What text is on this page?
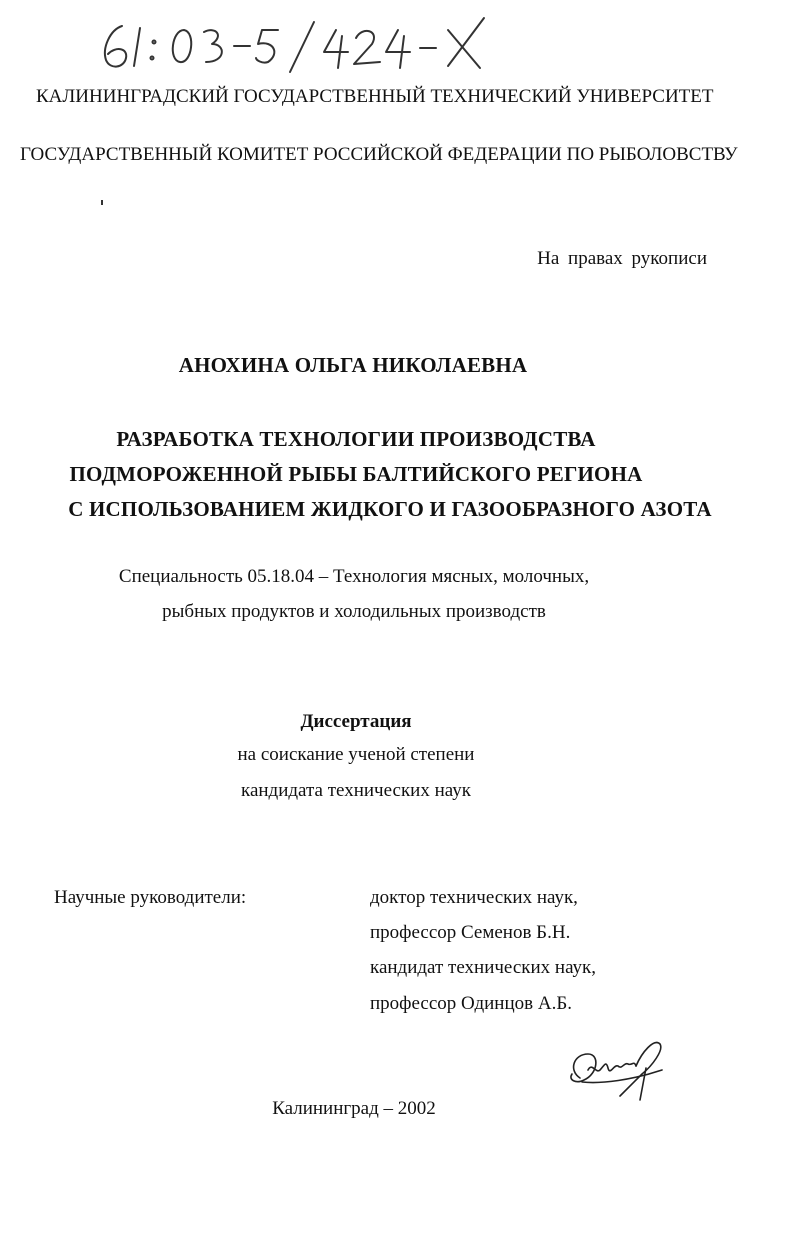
КАЛИНИНГРАДСКИЙ ГОСУДАРСТВЕННЫЙ ТЕХНИЧЕСКИЙ УНИВЕРСИТЕТ
ГОСУДАРСТВЕННЫЙ КОМИТЕТ РОССИЙСКОЙ ФЕДЕРАЦИИ ПО РЫБОЛОВСТВУ
На правах рукописи
АНОХИНА ОЛЬГА НИКОЛАЕВНА
РАЗРАБОТКА ТЕХНОЛОГИИ ПРОИЗВОДСТВА
ПОДМОРОЖЕННОЙ РЫБЫ БАЛТИЙСКОГО РЕГИОНА
С ИСПОЛЬЗОВАНИЕМ ЖИДКОГО И ГАЗООБРАЗНОГО АЗОТА
Специальность 05.18.04 – Технология мясных, молочных,
рыбных продуктов и холодильных производств
Диссертация
на соискание ученой степени
кандидата технических наук
Научные руководители:	доктор технических наук,
профессор Семенов Б.Н.
кандидат технических наук,
профессор Одинцов А.Б.
Калининград – 2002
